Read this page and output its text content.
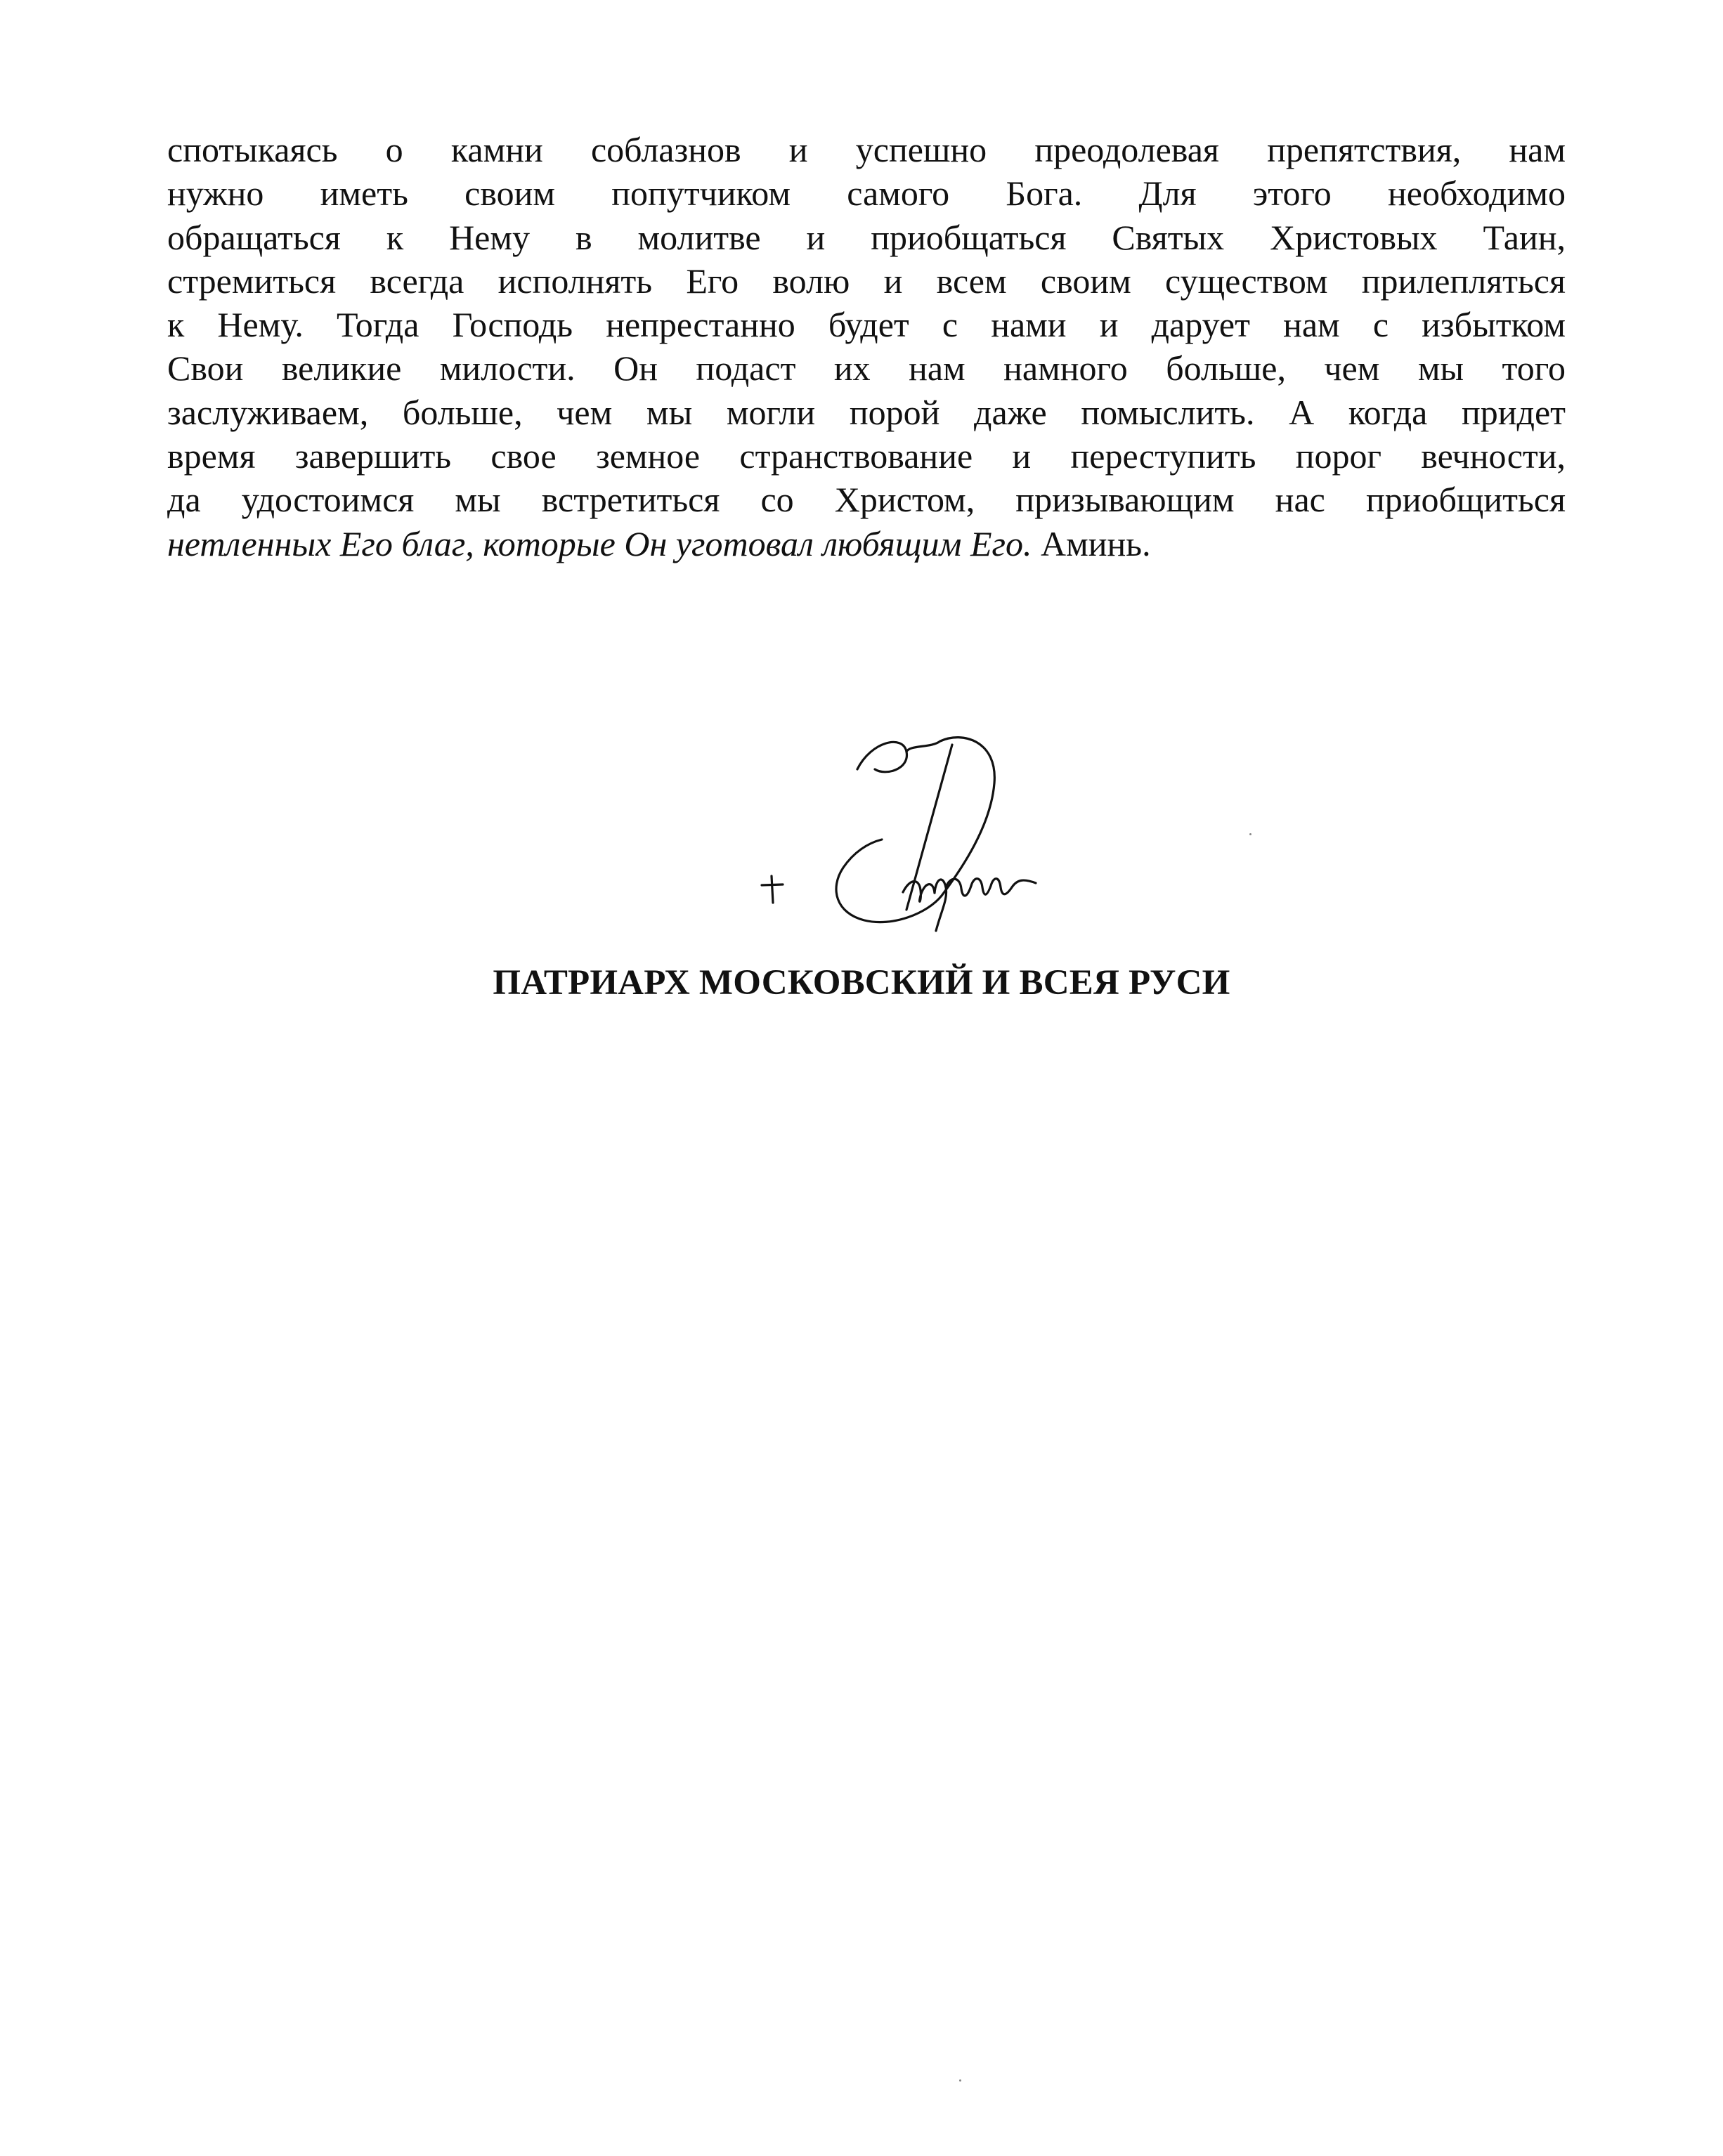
спотыкаясь о камни соблазнов и успешно преодолевая препятствия, нам
нужно иметь своим попутчиком самого Бога. Для этого необходимо
обращаться к Нему в молитве и приобщаться Святых Христовых Таин,
стремиться всегда исполнять Его волю и всем своим существом прилепляться
к Нему. Тогда Господь непрестанно будет с нами и дарует нам с избытком
Свои великие милости. Он подаст их нам намного больше, чем мы того
заслуживаем, больше, чем мы могли порой даже помыслить. А когда придет
время завершить свое земное странствование и переступить порог вечности,
да удостоимся мы встретиться со Христом, призывающим нас приобщиться
нетленных Его благ, которые Он уготовал любящим Его. Аминь.
ПАТРИАРХ МОСКОВСКИЙ И ВСЕЯ РУСИ
